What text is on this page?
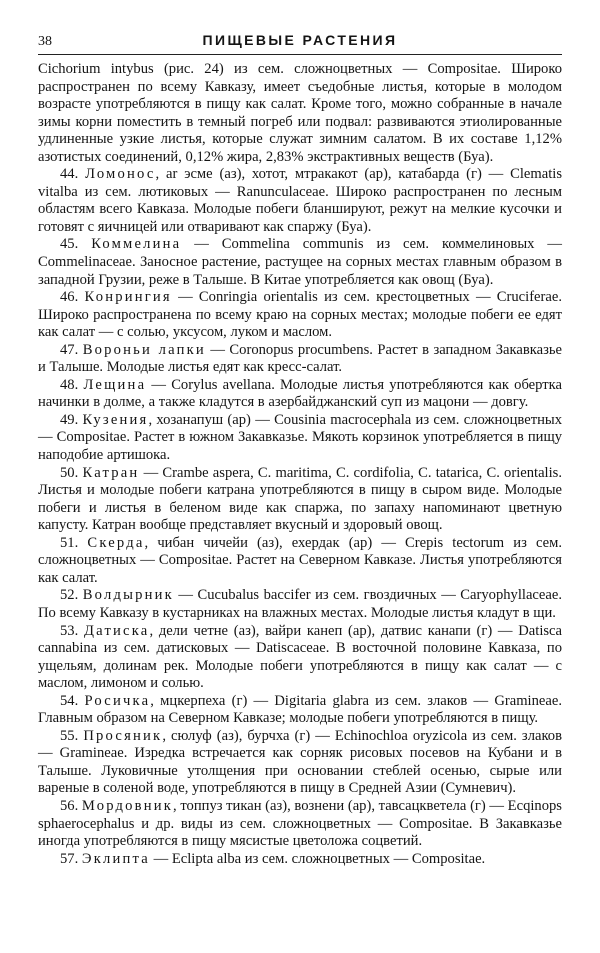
38	ПИЩЕВЫЕ РАСТЕНИЯ

Cichorium intybus (рис. 24) из сем. сложноцветных — Compositae. Широко распространен по всему Кавказу, имеет съедобные листья, которые в молодом возрасте употребляются в пищу как салат. Кроме того, можно собранные в начале зимы корни поместить в темный погреб или подвал: развиваются этиолированные удлиненные узкие листья, которые служат зимним салатом. В их составе 1,12% азотистых соединений, 0,12% жира, 2,83% экстрактивных веществ (Буа).

44. Ломонос, ar эсме (аз), хотот, мтракакот (ар), катабарда (г) — Clematis vitalba из сем. лютиковых — Ranunculaceae. Широко распространен по лесным областям всего Кавказа. Молодые побеги бланшируют, режут на мелкие кусочки и готовят с яичницей или отваривают как спаржу (Буа).

45. Коммелина — Commelina communis из сем. коммелиновых — Commelinaceae. Заносное растение, растущее на сорных местах главным образом в западной Грузии, реже в Талыше. В Китае употребляется как овощ (Буа).

46. Конрингия — Conringia orientalis из сем. крестоцветных — Cruciferae. Широко распространена по всему краю на сорных местах; молодые побеги ее едят как салат — с солью, уксусом, луком и маслом.

47. Вороньи лапки — Coronopus procumbens. Растет в западном Закавказье и Талыше. Молодые листья едят как кресс-салат.

48. Лещина — Corylus avellana. Молодые листья употребляются как обертка начинки в долме, а также кладутся в азербайджанский суп из мацони — довгу.

49. Кузения, хозанапуш (ар) — Cousinia macrocephala из сем. сложноцветных — Compositae. Растет в южном Закавказье. Мякоть корзинок употребляется в пищу наподобие артишока.

50. Катран — Crambe aspera, C. maritima, C. cordifolia, C. tatarica, C. orientalis. Листья и молодые побеги катрана употребляются в пищу в сыром виде. Молодые побеги и листья в беленом виде как спаржа, по запаху напоминают цветную капусту. Катран вообще представляет вкусный и здоровый овощ.

51. Скерда, чибан чичейи (аз), ехердак (ар) — Crepis tectorum из сем. сложноцветных — Compositae. Растет на Северном Кавказе. Листья употребляются как салат.

52. Волдырник — Cucubalus baccifer из сем. гвоздичных — Caryophyllaceae. По всему Кавказу в кустарниках на влажных местах. Молодые листья кладут в щи.

53. Датиска, дели четне (аз), вайри канеп (ар), датвис канапи (г) — Datisca cannabina из сем. датисковых — Datiscaceae. В восточной половине Кавказа, по ущельям, долинам рек. Молодые побеги употребляются в пищу как салат — с маслом, лимоном и солью.

54. Росичка, мцкерпеха (г) — Digitaria glabra из сем. злаков — Gramineae. Главным образом на Северном Кавказе; молодые побеги употребляются в пищу.

55. Просяник, сюлуф (аз), бурчха (г) — Echinochloa oryzicola из сем. злаков — Gramineae. Изредка встречается как сорняк рисовых посевов на Кубани и в Талыше. Луковичные утолщения при основании стеблей осенью, сырые или вареные в соленой воде, употребляются в пищу в Средней Азии (Сумневич).

56. Мордовник, топпуз тикан (аз), вознени (ар), тавсацкветела (г) — Ecqinops sphaerocephalus и др. виды из сем. сложноцветных — Compositae. В Закавказье иногда употребляются в пищу мясистые цветоложа соцветий.

57. Эклипта — Eclipta alba из сем. сложноцветных — Compositae.
